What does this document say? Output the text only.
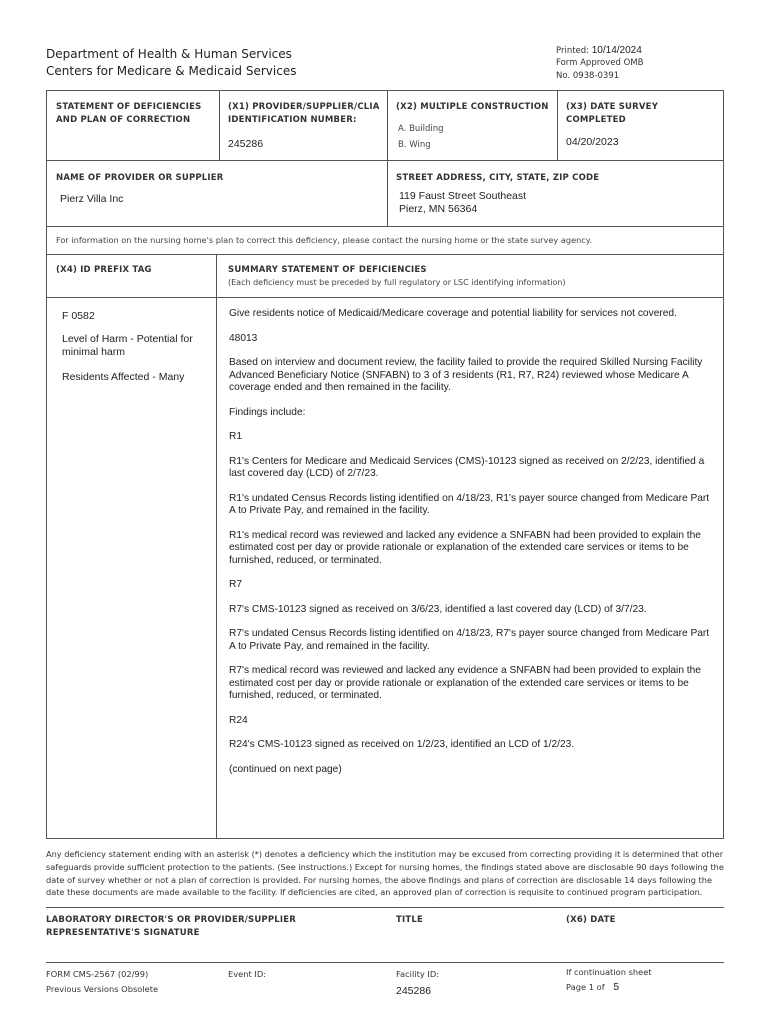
Department of Health & Human Services
Centers for Medicare & Medicaid Services
Printed: 10/14/2024
Form Approved OMB
No. 0938-0391
STATEMENT OF DEFICIENCIES AND PLAN OF CORRECTION
(X1) PROVIDER/SUPPLIER/CLIA IDENTIFICATION NUMBER:
245286
(X2) MULTIPLE CONSTRUCTION
A. Building
B. Wing
(X3) DATE SURVEY COMPLETED
04/20/2023
NAME OF PROVIDER OR SUPPLIER
Pierz Villa Inc
STREET ADDRESS, CITY, STATE, ZIP CODE
119 Faust Street Southeast
Pierz, MN 56364
For information on the nursing home's plan to correct this deficiency, please contact the nursing home or the state survey agency.
(X4) ID PREFIX TAG	SUMMARY STATEMENT OF DEFICIENCIES
(Each deficiency must be preceded by full regulatory or LSC identifying information)
F 0582
Level of Harm - Potential for minimal harm
Residents Affected - Many

Give residents notice of Medicaid/Medicare coverage and potential liability for services not covered.

48013

Based on interview and document review, the facility failed to provide the required Skilled Nursing Facility Advanced Beneficiary Notice (SNFABN) to 3 of 3 residents (R1, R7, R24) reviewed whose Medicare A coverage ended and then remained in the facility.

Findings include:

R1

R1's Centers for Medicare and Medicaid Services (CMS)-10123 signed as received on 2/2/23, identified a last covered day (LCD) of 2/7/23.

R1's undated Census Records listing identified on 4/18/23, R1's payer source changed from Medicare Part A to Private Pay, and remained in the facility.

R1's medical record was reviewed and lacked any evidence a SNFABN had been provided to explain the estimated cost per day or provide rationale or explanation of the extended care services or items to be furnished, reduced, or terminated.

R7

R7's CMS-10123 signed as received on 3/6/23, identified a last covered day (LCD) of 3/7/23.

R7's undated Census Records listing identified on 4/18/23, R7's payer source changed from Medicare Part A to Private Pay, and remained in the facility.

R7's medical record was reviewed and lacked any evidence a SNFABN had been provided to explain the estimated cost per day or provide rationale or explanation of the extended care services or items to be furnished, reduced, or terminated.

R24

R24's CMS-10123 signed as received on 1/2/23, identified an LCD of 1/2/23.

(continued on next page)

Any deficiency statement ending with an asterisk (*) denotes a deficiency which the institution may be excused from correcting providing it is determined that other safeguards provide sufficient protection to the patients. (See instructions.) Except for nursing homes, the findings stated above are disclosable 90 days following the date of survey whether or not a plan of correction is provided. For nursing homes, the above findings and plans of correction are disclosable 14 days following the date these documents are made available to the facility. If deficiencies are cited, an approved plan of correction is requisite to continued program participation.
LABORATORY DIRECTOR'S OR PROVIDER/SUPPLIER REPRESENTATIVE'S SIGNATURE
TITLE	(X6) DATE
FORM CMS-2567 (02/99)
Previous Versions Obsolete
Event ID:	Facility ID:
245286
If continuation sheet
Page 1 of 5
